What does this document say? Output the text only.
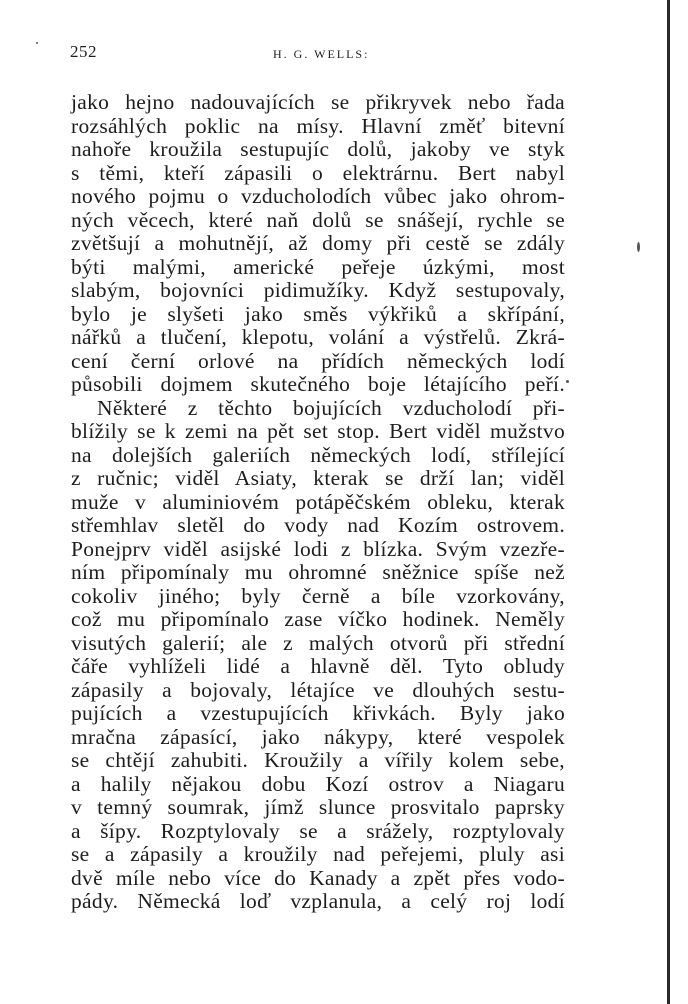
252	H. G. WELLS:
jako hejno nadouvajících se přikryvek nebo řada
rozsáhlých poklic na mísy. Hlavní změť bitevní
nahoře kroužila sestupujíc dolů, jakoby ve styk
s těmi, kteří zápasili o elektrárnu. Bert nabyl
nového pojmu o vzducholodích vůbec jako ohrom-
ných věcech, které naň dolů se snášejí, rychle se
zvětšují a mohutnějí, až domy při cestě se zdály
býti malými, americké peřeje úzkými, most
slabým, bojovníci pidimužíky. Když sestupovaly,
bylo je slyšeti jako směs výkřiků a skřípání,
nářků a tlučení, klepotu, volání a výstřelů. Zkrá-
cení černí orlové na přídích německých lodí
působili dojmem skutečného boje létajícího peří.
Některé z těchto bojujících vzducholodí při-
blížily se k zemi na pět set stop. Bert viděl mužstvo
na dolejších galeriích německých lodí, střílející
z ručnic; viděl Asiaty, kterak se drží lan; viděl
muže v aluminiovém potápěčském obleku, kterak
střemhlav sletěl do vody nad Kozím ostrovem.
Ponejprv viděl asijské lodi z blízka. Svým vzezře-
ním připomínaly mu ohromné sněžnice spíše než
cokoliv jiného; byly černě a bíle vzorkovány,
což mu připomínalo zase víčko hodinek. Neměly
visutých galerií; ale z malých otvorů při střední
čáře vyhlíželi lidé a hlavně děl. Tyto obludy
zápasily a bojovaly, létajíce ve dlouhých sestu-
pujících a vzestupujících křivkách. Byly jako
mračna zápasící, jako nákypy, které vespolek
se chtějí zahubiti. Kroužily a vířily kolem sebe,
a halily nějakou dobu Kozí ostrov a Niagaru
v temný soumrak, jímž slunce prosvitalo paprsky
a šípy. Rozptylovaly se a srážely, rozptylovaly
se a zápasily a kroužily nad peřejemi, pluly asi
dvě míle nebo více do Kanady a zpět přes vodo-
pády. Německá loď vzplanula, a celý roj lodí
